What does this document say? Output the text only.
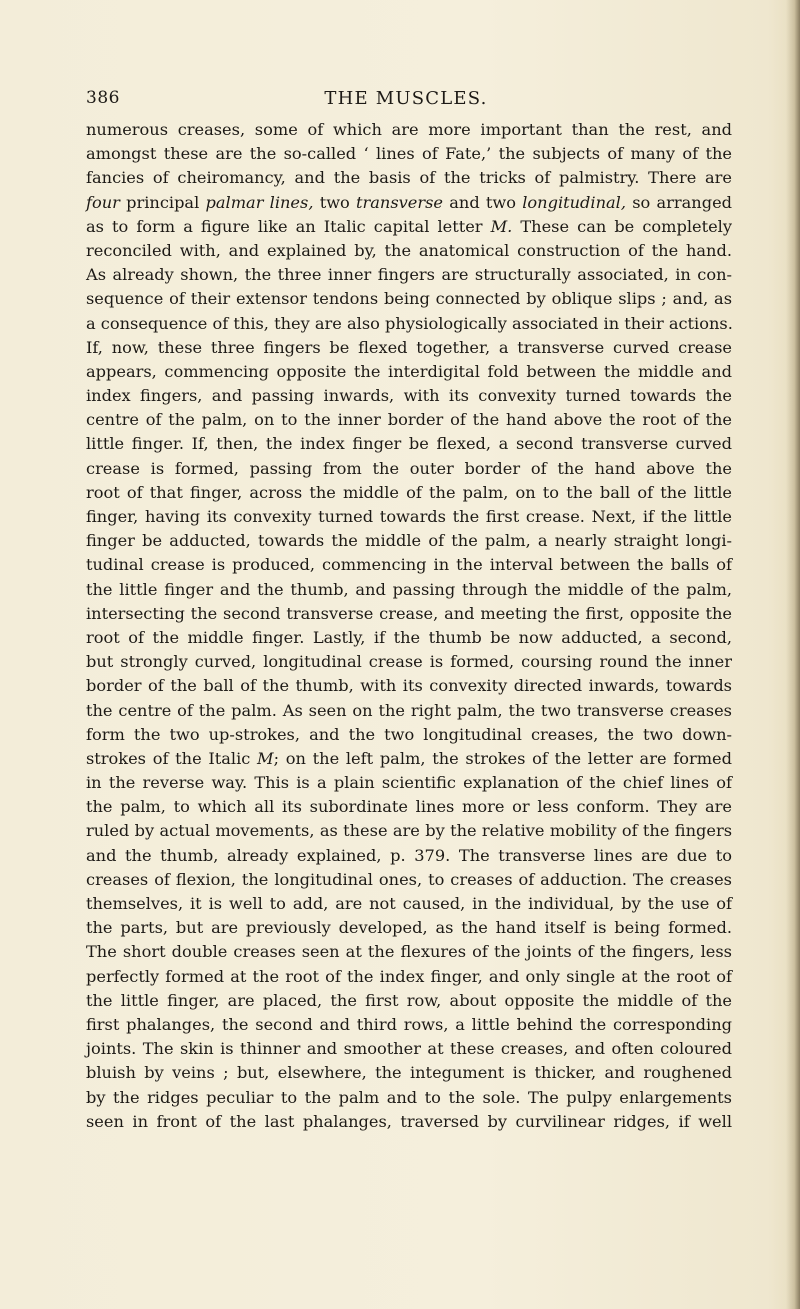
386	THE MUSCLES.
numerous creases, some of which are more important than the rest, and
amongst these are the so-called ‘ lines of Fate,’ the subjects of many of the
fancies of cheiromancy, and the basis of the tricks of palmistry. There are
four principal palmar lines, two transverse and two longitudinal, so arranged
as to form a figure like an Italic capital letter M. These can be completely
reconciled with, and explained by, the anatomical construction of the hand.
As already shown, the three inner fingers are structurally associated, in con-
sequence of their extensor tendons being connected by oblique slips ; and, as
a consequence of this, they are also physiologically associated in their actions.
If, now, these three fingers be flexed together, a transverse curved crease
appears, commencing opposite the interdigital fold between the middle and
index fingers, and passing inwards, with its convexity turned towards the
centre of the palm, on to the inner border of the hand above the root of the
little finger. If, then, the index finger be flexed, a second transverse curved
crease is formed, passing from the outer border of the hand above the
root of that finger, across the middle of the palm, on to the ball of the little
finger, having its convexity turned towards the first crease. Next, if the little
finger be adducted, towards the middle of the palm, a nearly straight longi-
tudinal crease is produced, commencing in the interval between the balls of
the little finger and the thumb, and passing through the middle of the palm,
intersecting the second transverse crease, and meeting the first, opposite the
root of the middle finger. Lastly, if the thumb be now adducted, a second,
but strongly curved, longitudinal crease is formed, coursing round the inner
border of the ball of the thumb, with its convexity directed inwards, towards
the centre of the palm. As seen on the right palm, the two transverse creases
form the two up-strokes, and the two longitudinal creases, the two down-
strokes of the Italic M; on the left palm, the strokes of the letter are formed
in the reverse way. This is a plain scientific explanation of the chief lines of
the palm, to which all its subordinate lines more or less conform. They are
ruled by actual movements, as these are by the relative mobility of the fingers
and the thumb, already explained, p. 379. The transverse lines are due to
creases of flexion, the longitudinal ones, to creases of adduction. The creases
themselves, it is well to add, are not caused, in the individual, by the use of
the parts, but are previously developed, as the hand itself is being formed.
The short double creases seen at the flexures of the joints of the fingers, less
perfectly formed at the root of the index finger, and only single at the root of
the little finger, are placed, the first row, about opposite the middle of the
first phalanges, the second and third rows, a little behind the corresponding
joints. The skin is thinner and smoother at these creases, and often coloured
bluish by veins ; but, elsewhere, the integument is thicker, and roughened
by the ridges peculiar to the palm and to the sole. The pulpy enlargements
seen in front of the last phalanges, traversed by curvilinear ridges, if well
